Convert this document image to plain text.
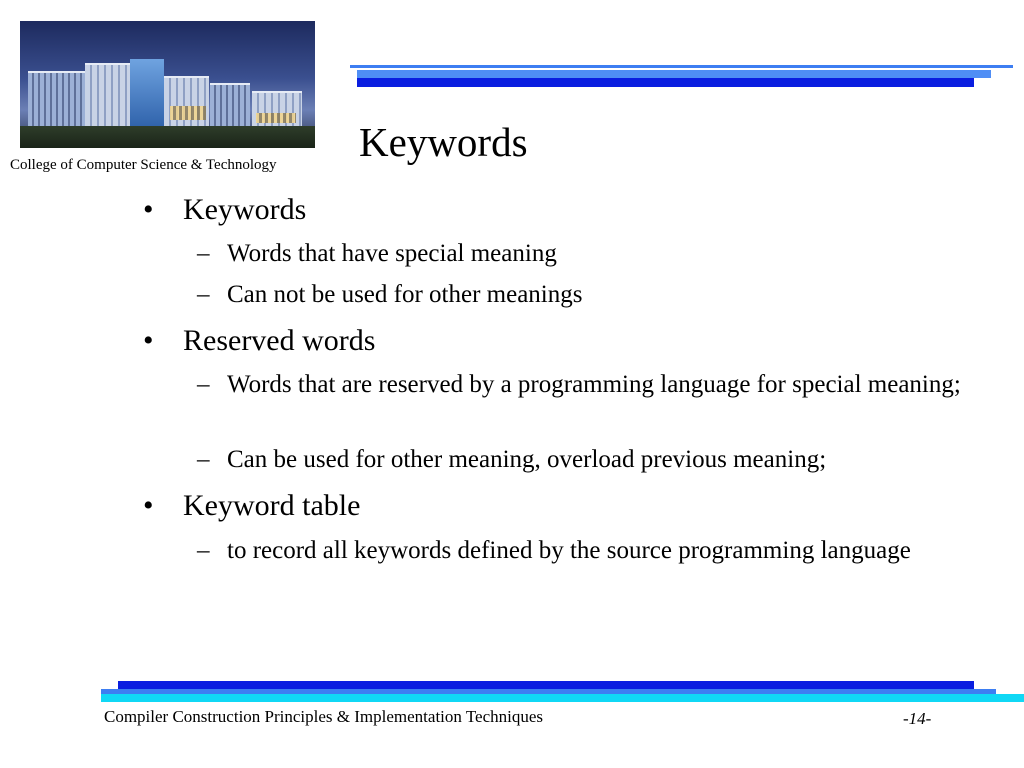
College of Computer Science & Technology Keywords
• Keywords
– Words that have special meaning
– Can not be used for other meanings
• Reserved words
– Words that are reserved by a programming language for special meaning;
– Can be used for other meaning, overload previous meaning;
• Keyword table
– to record all keywords defined by the source programming language
Compiler Construction Principles & Implementation Techniques	-14-
